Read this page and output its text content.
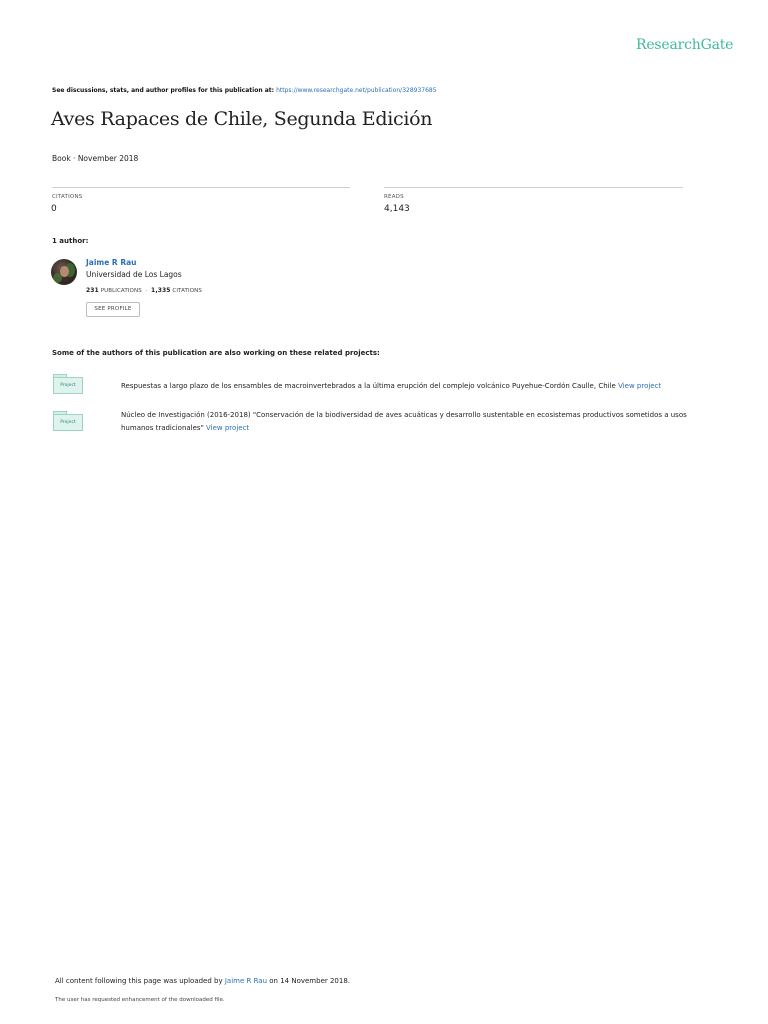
ResearchGate
See discussions, stats, and author profiles for this publication at: https://www.researchgate.net/publication/328937685
Aves Rapaces de Chile, Segunda Edición
Book · November 2018
CITATIONS
0
READS
4,143
1 author:
Jaime R Rau
Universidad de Los Lagos
231 PUBLICATIONS  ·  1,335 CITATIONS
SEE PROFILE
Some of the authors of this publication are also working on these related projects:
Project	Respuestas a largo plazo de los ensambles de macroinvertebrados a la última erupción del complejo volcánico Puyehue-Cordón Caulle, Chile View project
Project
Núcleo de Investigación (2016-2018) "Conservación de la biodiversidad de aves acuáticas y desarrollo sustentable en ecosistemas productivos sometidos a usos humanos tradicionales" View project
All content following this page was uploaded by Jaime R Rau on 14 November 2018.
The user has requested enhancement of the downloaded file.
